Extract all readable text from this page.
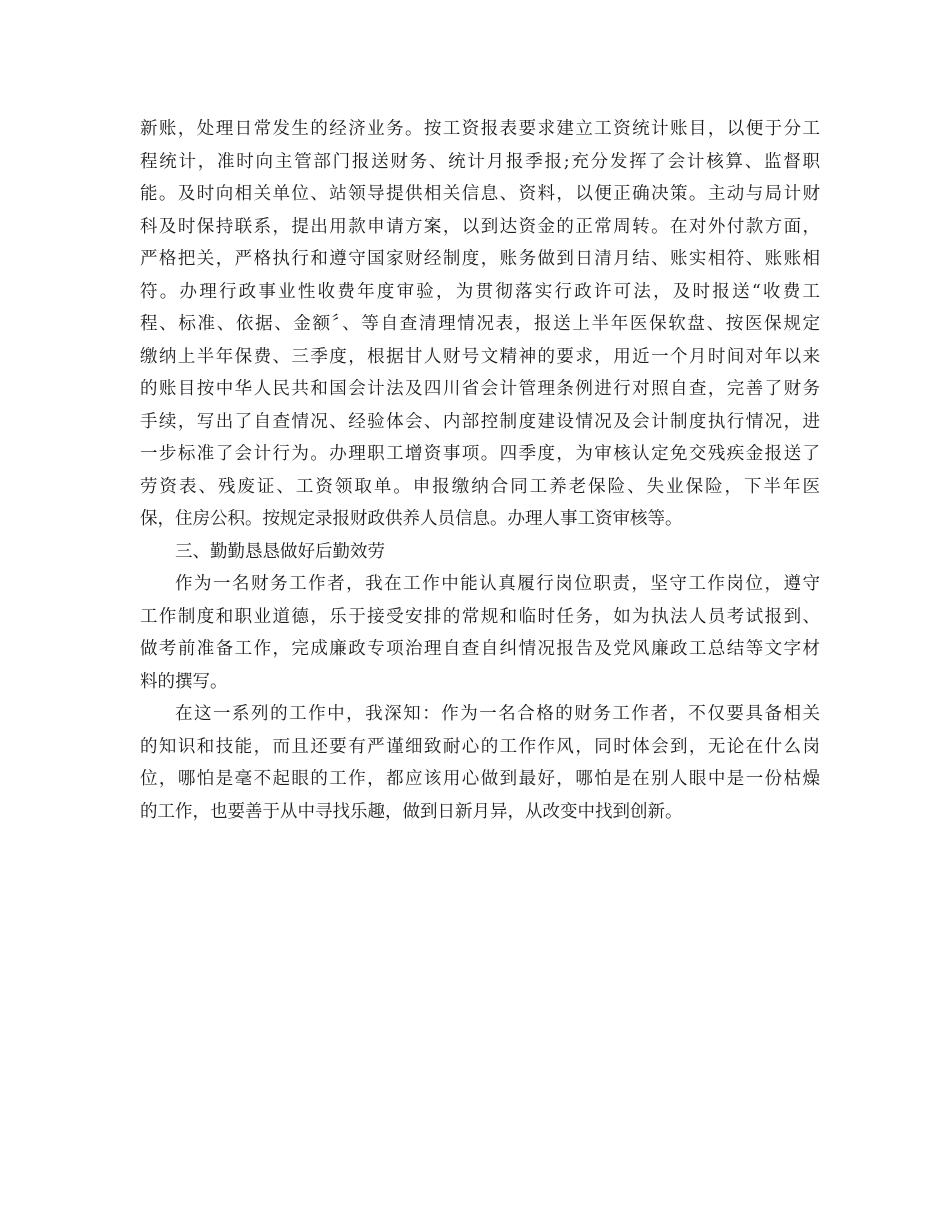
新账，处理日常发生的经济业务。按工资报表要求建立工资统计账目，以便于分工
程统计，准时向主管部门报送财务、统计月报季报;充分发挥了会计核算、监督职
能。及时向相关单位、站领导提供相关信息、资料，以便正确决策。主动与局计财
科及时保持联系，提出用款申请方案，以到达资金的正常周转。在对外付款方面，
严格把关，严格执行和遵守国家财经制度，账务做到日清月结、账实相符、账账相
符。办理行政事业性收费年度审验，为贯彻落实行政许可法，及时报送“收费工
程、标准、依据、金额〞、等自查清理情况表，报送上半年医保软盘、按医保规定
缴纳上半年保费、三季度，根据甘人财号文精神的要求，用近一个月时间对年以来
的账目按中华人民共和国会计法及四川省会计管理条例进行对照自查，完善了财务
手续，写出了自查情况、经验体会、内部控制度建设情况及会计制度执行情况，进
一步标准了会计行为。办理职工增资事项。四季度，为审核认定免交残疾金报送了
劳资表、残废证、工资领取单。申报缴纳合同工养老保险、失业保险，下半年医
保，住房公积。按规定录报财政供养人员信息。办理人事工资审核等。
三、勤勤恳恳做好后勤效劳
作为一名财务工作者，我在工作中能认真履行岗位职责，坚守工作岗位，遵守
工作制度和职业道德，乐于接受安排的常规和临时任务，如为执法人员考试报到、
做考前准备工作，完成廉政专项治理自查自纠情况报告及党风廉政工总结等文字材
料的撰写。
在这一系列的工作中，我深知：作为一名合格的财务工作者，不仅要具备相关
的知识和技能，而且还要有严谨细致耐心的工作作风，同时体会到，无论在什么岗
位，哪怕是毫不起眼的工作，都应该用心做到最好，哪怕是在别人眼中是一份枯燥
的工作，也要善于从中寻找乐趣，做到日新月异，从改变中找到创新。
